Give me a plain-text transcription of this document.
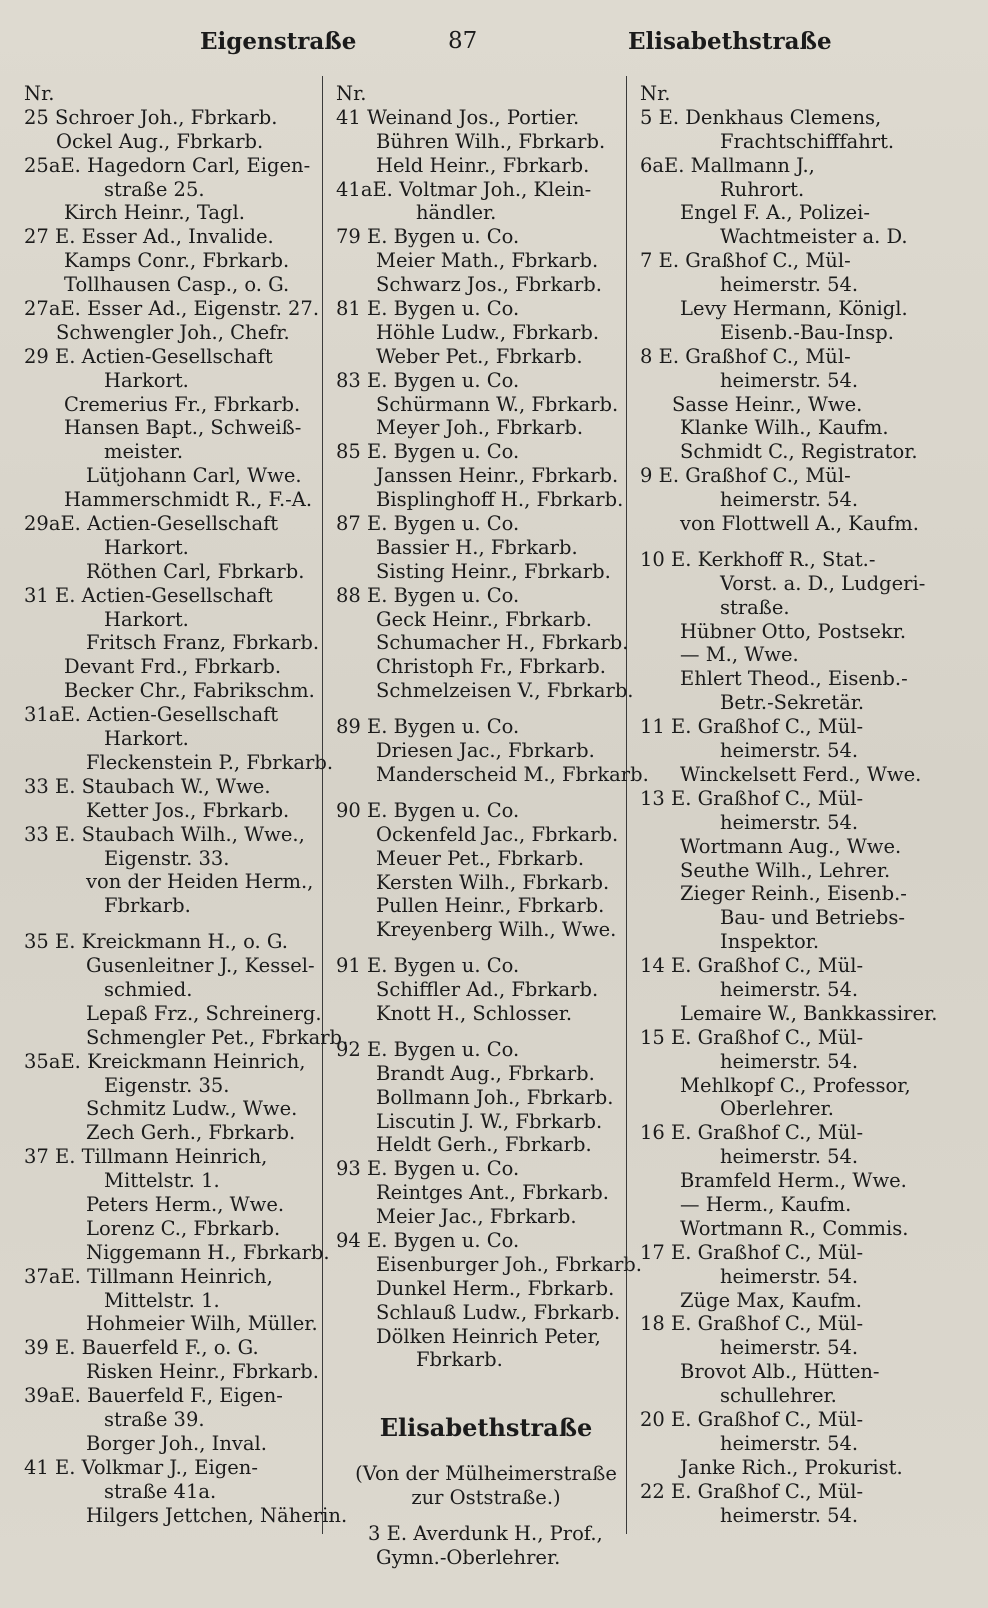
Eigenstraße	87	Elisabethstraße
Nr.
25 Schroer Joh., Fbrkarb.
Ockel Aug., Fbrkarb.
25aE. Hagedorn Carl, Eigen-
straße 25.
Kirch Heinr., Tagl.
27 E. Esser Ad., Invalide.
Kamps Conr., Fbrkarb.
Tollhausen Casp., o. G.
27aE. Esser Ad., Eigenstr. 27.
Schwengler Joh., Chefr.
29 E. Actien-Gesellschaft
Harkort.
Cremerius Fr., Fbrkarb.
Hansen Bapt., Schweiß-
meister.
Lütjohann Carl, Wwe.
Hammerschmidt R., F.-A.
29aE. Actien-Gesellschaft
Harkort.
Röthen Carl, Fbrkarb.
31 E. Actien-Gesellschaft
Harkort.
Fritsch Franz, Fbrkarb.
Devant Frd., Fbrkarb.
Becker Chr., Fabrikschm.
31aE. Actien-Gesellschaft
Harkort.
Fleckenstein P., Fbrkarb.
33 E. Staubach W., Wwe.
Ketter Jos., Fbrkarb.
33 E. Staubach Wilh., Wwe.,
Eigenstr. 33.
von der Heiden Herm.,
Fbrkarb.
35 E. Kreickmann H., o. G.
Gusenleitner J., Kessel-
schmied.
Lepaß Frz., Schreinerg.
Schmengler Pet., Fbrkarb.
35aE. Kreickmann Heinrich,
Eigenstr. 35.
Schmitz Ludw., Wwe.
Zech Gerh., Fbrkarb.
37 E. Tillmann Heinrich,
Mittelstr. 1.
Peters Herm., Wwe.
Lorenz C., Fbrkarb.
Niggemann H., Fbrkarb.
37aE. Tillmann Heinrich,
Mittelstr. 1.
Hohmeier Wilh, Müller.
39 E. Bauerfeld F., o. G.
Risken Heinr., Fbrkarb.
39aE. Bauerfeld F., Eigen-
straße 39.
Borger Joh., Inval.
41 E. Volkmar J., Eigen-
straße 41a.
Hilgers Jettchen, Näherin.
Nr.
41 Weinand Jos., Portier.
Bühren Wilh., Fbrkarb.
Held Heinr., Fbrkarb.
41aE. Voltmar Joh., Klein-
händler.
79 E. Bygen u. Co.
Meier Math., Fbrkarb.
Schwarz Jos., Fbrkarb.
81 E. Bygen u. Co.
Höhle Ludw., Fbrkarb.
Weber Pet., Fbrkarb.
83 E. Bygen u. Co.
Schürmann W., Fbrkarb.
Meyer Joh., Fbrkarb.
85 E. Bygen u. Co.
Janssen Heinr., Fbrkarb.
Bisplinghoff H., Fbrkarb.
87 E. Bygen u. Co.
Bassier H., Fbrkarb.
Sisting Heinr., Fbrkarb.
88 E. Bygen u. Co.
Geck Heinr., Fbrkarb.
Schumacher H., Fbrkarb.
Christoph Fr., Fbrkarb.
Schmelzeisen V., Fbrkarb.
89 E. Bygen u. Co.
Driesen Jac., Fbrkarb.
Manderscheid M., Fbrkarb.
90 E. Bygen u. Co.
Ockenfeld Jac., Fbrkarb.
Meuer Pet., Fbrkarb.
Kersten Wilh., Fbrkarb.
Pullen Heinr., Fbrkarb.
Kreyenberg Wilh., Wwe.
91 E. Bygen u. Co.
Schiffler Ad., Fbrkarb.
Knott H., Schlosser.
92 E. Bygen u. Co.
Brandt Aug., Fbrkarb.
Bollmann Joh., Fbrkarb.
Liscutin J. W., Fbrkarb.
Heldt Gerh., Fbrkarb.
93 E. Bygen u. Co.
Reintges Ant., Fbrkarb.
Meier Jac., Fbrkarb.
94 E. Bygen u. Co.
Eisenburger Joh., Fbrkarb.
Dunkel Herm., Fbrkarb.
Schlauß Ludw., Fbrkarb.
Dölken Heinrich Peter,
Fbrkarb.
Elisabethstraße
(Von der Mülheimerstraße
zur Oststraße.)
3 E. Averdunk H., Prof.,
Gymn.-Oberlehrer.
Nr.
5 E. Denkhaus Clemens,
Frachtschifffahrt.
6aE. Mallmann J.,
Ruhrort.
Engel F. A., Polizei-
Wachtmeister a. D.
7 E. Graßhof C., Mül-
heimerstr. 54.
Levy Hermann, Königl.
Eisenb.-Bau-Insp.
8 E. Graßhof C., Mül-
heimerstr. 54.
Sasse Heinr., Wwe.
Klanke Wilh., Kaufm.
Schmidt C., Registrator.
9 E. Graßhof C., Mül-
heimerstr. 54.
von Flottwell A., Kaufm.
10 E. Kerkhoff R., Stat.-
Vorst. a. D., Ludgeri-
straße.
Hübner Otto, Postsekr.
— M., Wwe.
Ehlert Theod., Eisenb.-
Betr.-Sekretär.
11 E. Graßhof C., Mül-
heimerstr. 54.
Winckelsett Ferd., Wwe.
13 E. Graßhof C., Mül-
heimerstr. 54.
Wortmann Aug., Wwe.
Seuthe Wilh., Lehrer.
Zieger Reinh., Eisenb.-
Bau- und Betriebs-
Inspektor.
14 E. Graßhof C., Mül-
heimerstr. 54.
Lemaire W., Bankkassirer.
15 E. Graßhof C., Mül-
heimerstr. 54.
Mehlkopf C., Professor,
Oberlehrer.
16 E. Graßhof C., Mül-
heimerstr. 54.
Bramfeld Herm., Wwe.
— Herm., Kaufm.
Wortmann R., Commis.
17 E. Graßhof C., Mül-
heimerstr. 54.
Züge Max, Kaufm.
18 E. Graßhof C., Mül-
heimerstr. 54.
Brovot Alb., Hütten-
schullehrer.
20 E. Graßhof C., Mül-
heimerstr. 54.
Janke Rich., Prokurist.
22 E. Graßhof C., Mül-
heimerstr. 54.
